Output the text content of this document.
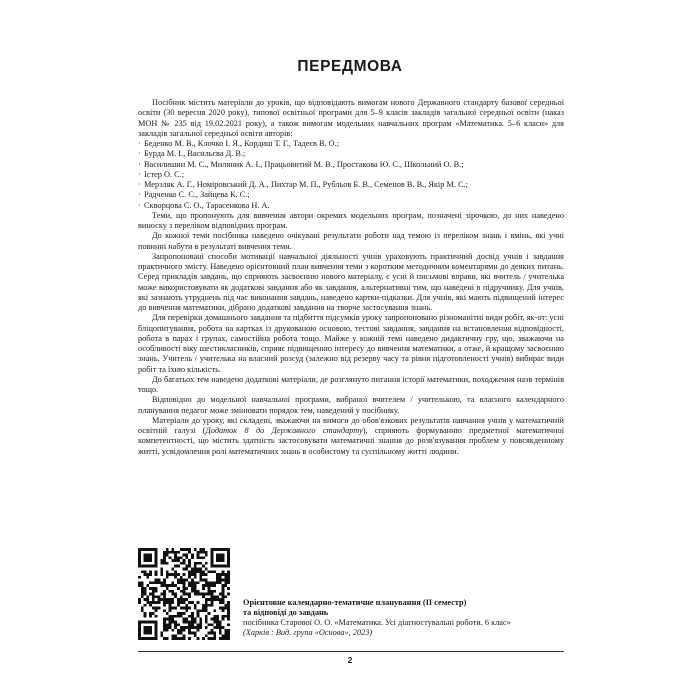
ПЕРЕДМОВА

Посібник містить матеріали до уроків, що відповідають вимогам нового Державного стандарту базової середньої освіти (30 вересня 2020 року), типової освітньої програми для 5–9 класів закладів загальної середньої освіти (наказ МОН № 235 від 19.02.2021 року), а також вимогам модельних навчальних програм «Математика. 5–6 класи» для закладів загальної середньої освіти авторів:

· Беденко М. В., Клочко І. Я., Кордиш Т. Г., Тадеєв В. О.;
· Бурда М. І., Васильєва Д. В.;
· Василишин М. С., Миляник А. І., Працьовитий М. В., Простакова Ю. С., Школьний О. В.;
· Істер О. С.;
· Мерзляк А. Г., Номіровський Д. А., Пихтар М. П., Рубльов Б. В., Семенов В. В., Якір М. С.;
· Радченко С. С., Зайцева К. С.;
· Скворцова С. О., Тарасенкова Н. А.

Теми, що пропонують для вивчення автори окремих модельних програм, позначені зірочкою, до них наведено виноску з переліком відповідних програм.

До кожної теми посібника наведено очікувані результати роботи над темою із переліком знань і вмінь, які учні повинні набути в результаті вивчення теми.

Запропоновані способи мотивації навчальної діяльності учнів ураховують практичний досвід учнів і завдання практичного змісту. Наведено орієнтовний план вивчення теми з коротким методичним коментарями до деяких питань. Серед прикладів завдань, що сприяють засвоєнню нового матеріалу, є усні й письмові вправи, які вчитель / учителька може використовувати як додаткові завдання або як завдання, альтернативні тим, що наведені в підручнику. Для учнів, які зазнають утруднень під час виконання завдань, наведено картки-підказки. Для учнів, які мають підвищений інтерес до вивчення математики, дібрано додаткові завдання на творче застосування знань.

Для перевірки домашнього завдання та підбиття підсумків уроку запропоновано різноманітні види робіт, як-от: усні бліцопитування, робота на картках із друкованою основою, тестові завдання, завдання на встановлення відповідності, робота в парах і групах, самостійна робота тощо. Майже у кожній темі наведено дидактичну гру, що, зважаючи на особливості віку шестикласників, сприяє підвищенню інтересу до вивчення математики, а отже, й кращому засвоєнню знань. Учитель / учителька на власний розсуд (залежно від резерву часу та рівня підготовленості учнів) вибирає види робіт та їхню кількість.

До багатьох тем наведено додаткові матеріали, де розглянуто питання історії математики, походження назв термінів тощо.

Відповідно до модельної навчальної програми, вибраної вчителем / учителькою, та власного календарного планування педагог може змінювати порядок тем, наведений у посібнику.

Матеріали до уроку, які складені, зважаючи на вимоги до обов'язкових результатів навчання учнів у математичній освітній галузі (Додаток 8 до Державного стандарту), сприяють формуванню предметної математичної компетентності, що містить здатність застосовувати математичні знання до розв'язування проблем у повсякденному житті, усвідомлення ролі математичних знань в особистому та суспільному житті людини.

Орієнтовне календарно-тематичне планування (ІІ семестр)
та відповіді до завдань
посібника Старової О. О. «Математика. Усі діагностувальні роботи. 6 клас»
(Харків : Вид. група «Основа», 2023)
2
